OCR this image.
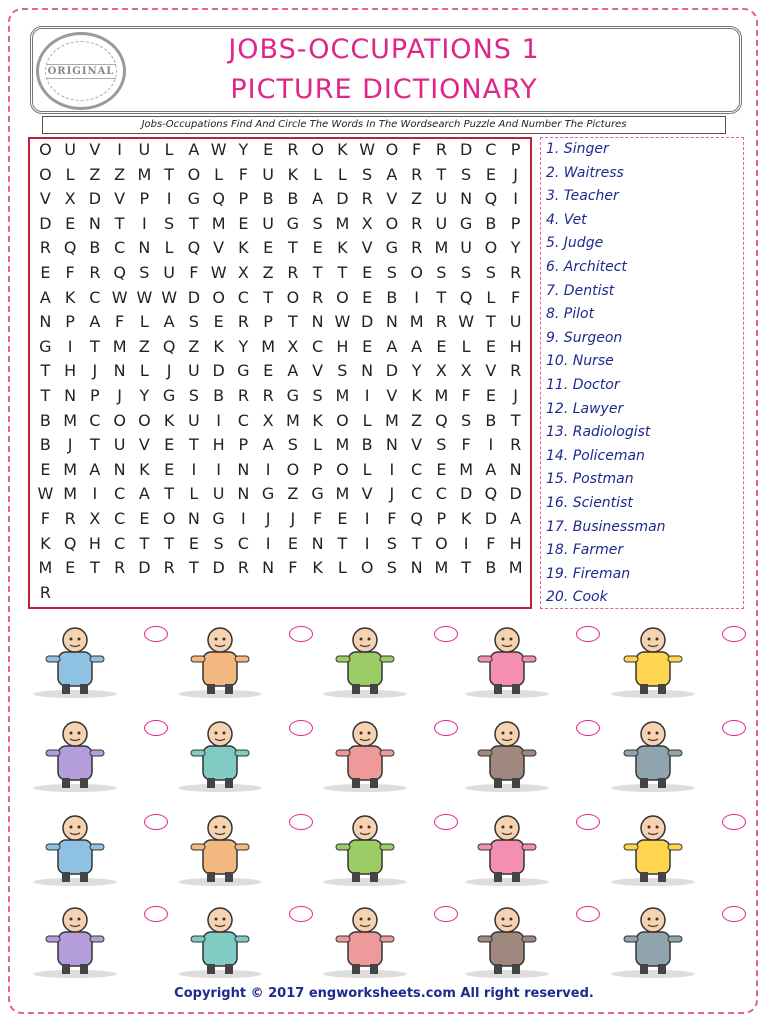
ORIGINAL
JOBS-OCCUPATIONS 1
PICTURE DICTIONARY
Jobs-Occupations Find And Circle The Words In The Wordsearch Puzzle And Number The Pictures
O U V	I	U L A W Y E R O K W O F R D C P
O L Z Z M T O L F U K L L S A R T S E	J
V X D V P	I	G Q P B B A D R V Z U N Q	I
D E N T	I	S T M E U G S M X O R U G B P
R Q B C N L Q V K E T E K V G R M U O Y
E F R Q S U F W X Z R T T E S O S S S R
A K C W W W D O C T O R O E B	I	T Q L F
N P A F L A S E R P T N W D N M R W T U
G	I	T M Z Q Z K Y M X C H E A A E L E H
T H	J	N L	J	U D G E A V S N D Y X X V R
T N P	J	Y G S B R R G S M I	V K M F E	J
B M C O O K U	I	C X M K O L M Z Q S B T
B	J	T U V E T H P A S L M B N V S F	I	R
E M A N K E	I	I	N	I	O P O L	I	C E M A N
W M I	C A T L U N G Z G M V	J	C C D Q D
F R X C E O N G	I	J	J	F E	I	F Q P K D A
K Q H C T T E S C	I	E N T	I	S T O	I	F H
M E T R D R T D R N F K L O S N M T B M
R
1. Singer
2. Waitress
3. Teacher
4. Vet
5. Judge
6. Architect
7. Dentist
8. Pilot
9. Surgeon
10. Nurse
11. Doctor
12. Lawyer
13. Radiologist
14. Policeman
15. Postman
16. Scientist
17. Businessman
18. Farmer
19. Fireman
20. Cook
Copyright © 2017 engworksheets.com All right reserved.
